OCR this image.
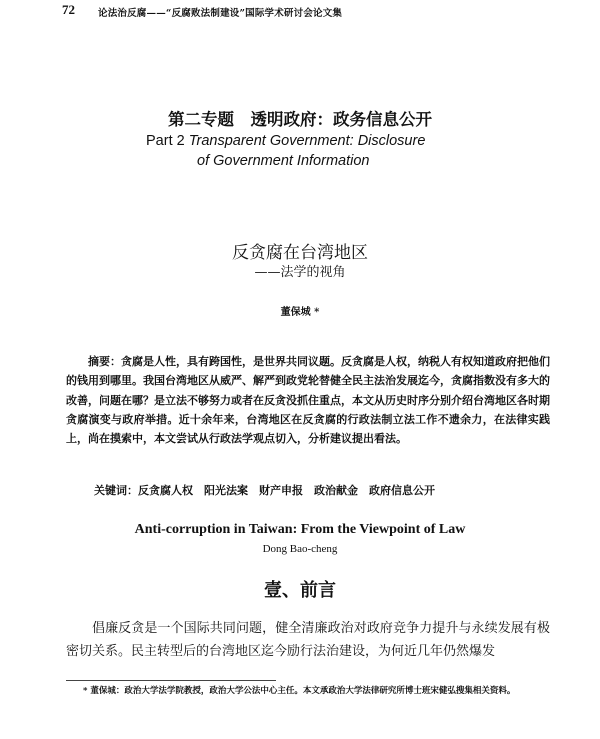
72 论法治反腐——“反腐败法制建设”国际学术研讨会论文集
第二专题　透明政府：政务信息公开
Part 2 Transparent Government: Disclosure
of Government Information
反贪腐在台湾地区
——法学的视角
董保城 *

摘要：贪腐是人性，具有跨国性，是世界共同议题。反贪腐是人权，纳税人有权知道政府把他们的钱用到哪里。我国台湾地区从威严、解严到政党轮替健全民主法治发展迄今，贪腐指数没有多大的改善，问题在哪？是立法不够努力或者在反贪没抓住重点，本文从历史时序分别介绍台湾地区各时期贪腐演变与政府举措。近十余年来，台湾地区在反贪腐的行政法制立法工作不遗余力，在法律实践上，尚在摸索中，本文尝试从行政法学观点切入，分析建议提出看法。

关键词：反贪腐人权　阳光法案　财产申报　政治献金　政府信息公开
Anti-corruption in Taiwan: From the Viewpoint of Law
Dong Bao-cheng
壹、前言

倡廉反贪是一个国际共同问题，健全清廉政治对政府竞争力提升与永续发展有极密切关系。民主转型后的台湾地区迄今励行法治建设，为何近几年仍然爆发

* 董保城：政治大学法学院教授，政治大学公法中心主任。本文承政治大学法律研究所博士班宋健弘搜集相关资料。
